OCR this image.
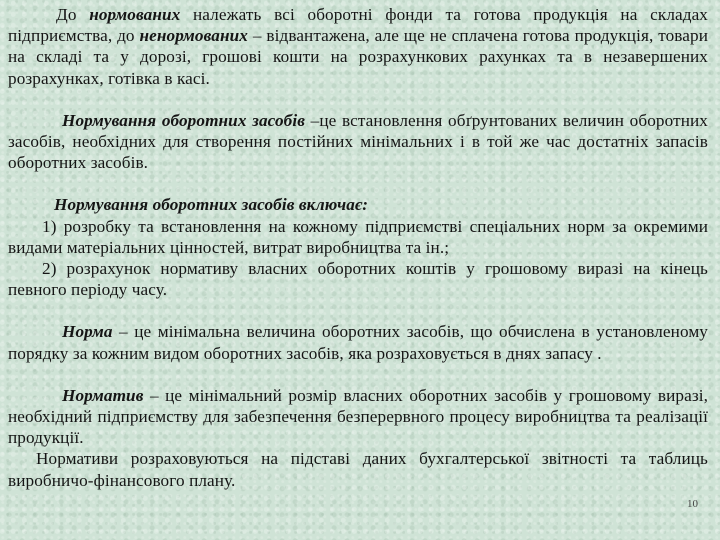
До нормованих належать всі оборотні фонди та готова продукція на складах підприємства, до ненормованих – відвантажена, але ще не сплачена готова продукція, товари на складі та у дорозі, грошові кошти на розрахункових рахунках та в незавершених розрахунках, готівка в касі.

Нормування оборотних засобів –це встановлення обґрунтованих величин оборотних засобів, необхідних для створення постійних мінімальних і в той же час достатніх запасів оборотних засобів.

Нормування оборотних засобів включає:

1) розробку та встановлення на кожному підприємстві спеціальних норм за окремими видами матеріальних цінностей, витрат виробництва та ін.;

2) розрахунок нормативу власних оборотних коштів у грошовому виразі на кінець певного періоду часу.

Норма – це мінімальна величина оборотних засобів, що обчислена в установленому порядку за кожним видом оборотних засобів, яка розраховується в днях запасу .

Норматив – це мінімальний розмір власних оборотних засобів у грошовому виразі, необхідний підприємству для забезпечення безперервного процесу виробництва та реалізації продукції.

Нормативи розраховуються на підставі даних бухгалтерської звітності та таблиць виробничо-фінансового плану.

10
